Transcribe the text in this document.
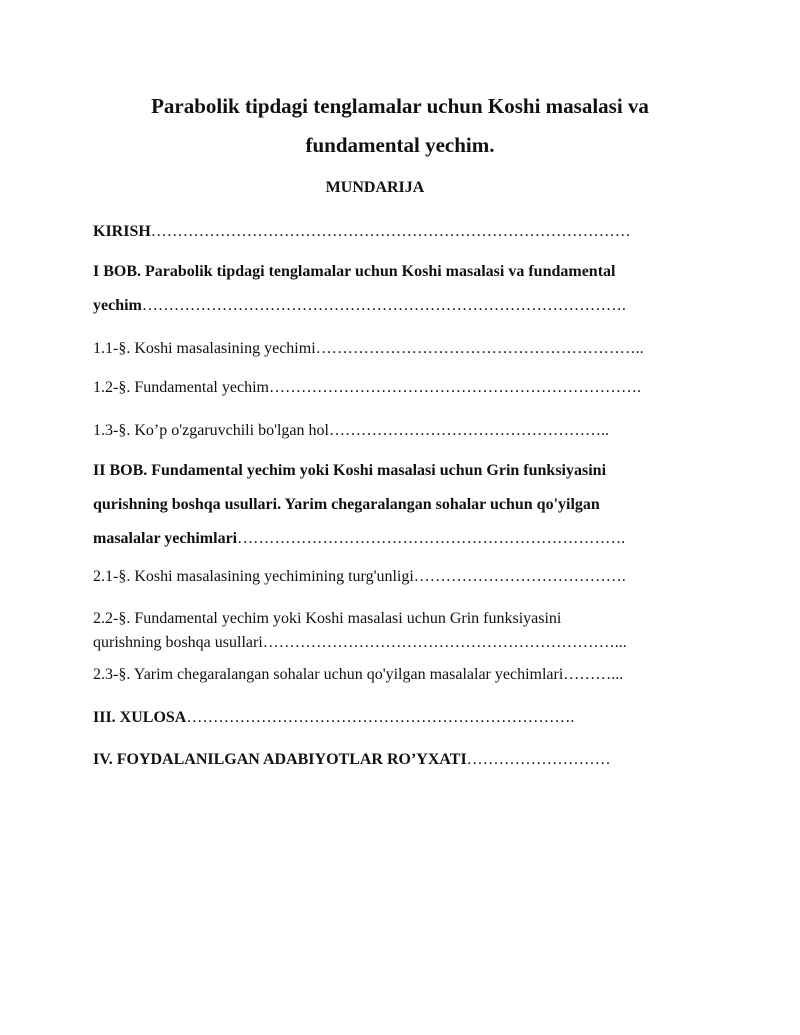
Parabolik tipdagi tenglamalar uchun Koshi masalasi va
fundamental yechim.
MUNDARIJA
KIRISH………………………………………………………………………………
I BOB. Parabolik tipdagi tenglamalar uchun Koshi masalasi va fundamental
yechim……………………………………………………………………………….
1.1-§. Koshi masalasining yechimi……………………………………………………..
1.2-§. Fundamental yechim…………………………………………………………….
1.3-§. Ko’p o'zgaruvchili bo'lgan hol……………………………………………..
II BOB. Fundamental yechim yoki Koshi masalasi uchun Grin funksiyasini
qurishning boshqa usullari. Yarim chegaralangan sohalar uchun qo'yilgan
masalalar yechimlari……………………………………………………………….
2.1-§. Koshi masalasining yechimining turg'unligi………………………………….
2.2-§. Fundamental yechim yoki Koshi masalasi uchun Grin funksiyasini
qurishning boshqa usullari…………………………………………………………...
2.3-§. Yarim chegaralangan sohalar uchun qo'yilgan masalalar yechimlari………...
III. XULOSA……………………………………………………………….
IV. FOYDALANILGAN ADABIYOTLAR RO’YXATI………………………
